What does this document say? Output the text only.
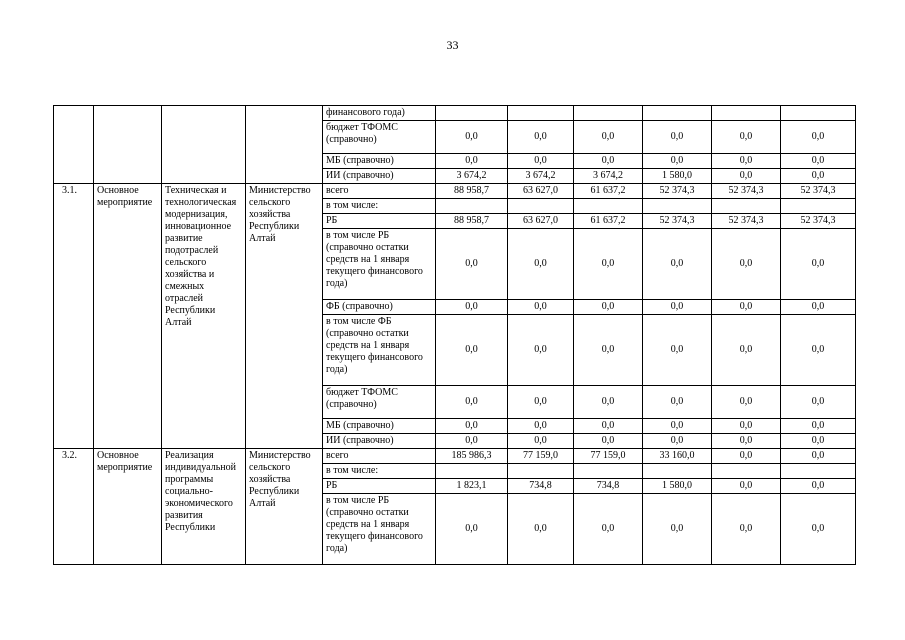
33
				финансового года)						
				бюджет ТФОМС (справочно)	0,0	0,0	0,0	0,0	0,0	0,0
				МБ (справочно)	0,0	0,0	0,0	0,0	0,0	0,0
				ИИ (справочно)	3 674,2	3 674,2	3 674,2	1 580,0	0,0	0,0
3.1.	Основное мероприятие	Техническая и технологическая модернизация, инновационное развитие подотраслей сельского хозяйства и смежных отраслей Республики Алтай	Министерство сельского хозяйства Республики Алтай	всего	88 958,7	63 627,0	61 637,2	52 374,3	52 374,3	52 374,3
				в том числе:						
				РБ	88 958,7	63 627,0	61 637,2	52 374,3	52 374,3	52 374,3
				в том числе РБ (справочно остатки средств на 1 января текущего финансового года)	0,0	0,0	0,0	0,0	0,0	0,0
				ФБ (справочно)	0,0	0,0	0,0	0,0	0,0	0,0
				в том числе ФБ (справочно остатки средств на 1 января текущего финансового года)	0,0	0,0	0,0	0,0	0,0	0,0
				бюджет ТФОМС (справочно)	0,0	0,0	0,0	0,0	0,0	0,0
				МБ (справочно)	0,0	0,0	0,0	0,0	0,0	0,0
				ИИ (справочно)	0,0	0,0	0,0	0,0	0,0	0,0
3.2.	Основное мероприятие	Реализация индивидуальной программы социально-экономического развития Республики	Министерство сельского хозяйства Республики Алтай	всего	185 986,3	77 159,0	77 159,0	33 160,0	0,0	0,0
				в том числе:						
				РБ	1 823,1	734,8	734,8	1 580,0	0,0	0,0
				в том числе РБ (справочно остатки средств на 1 января текущего финансового года)	0,0	0,0	0,0	0,0	0,0	0,0
